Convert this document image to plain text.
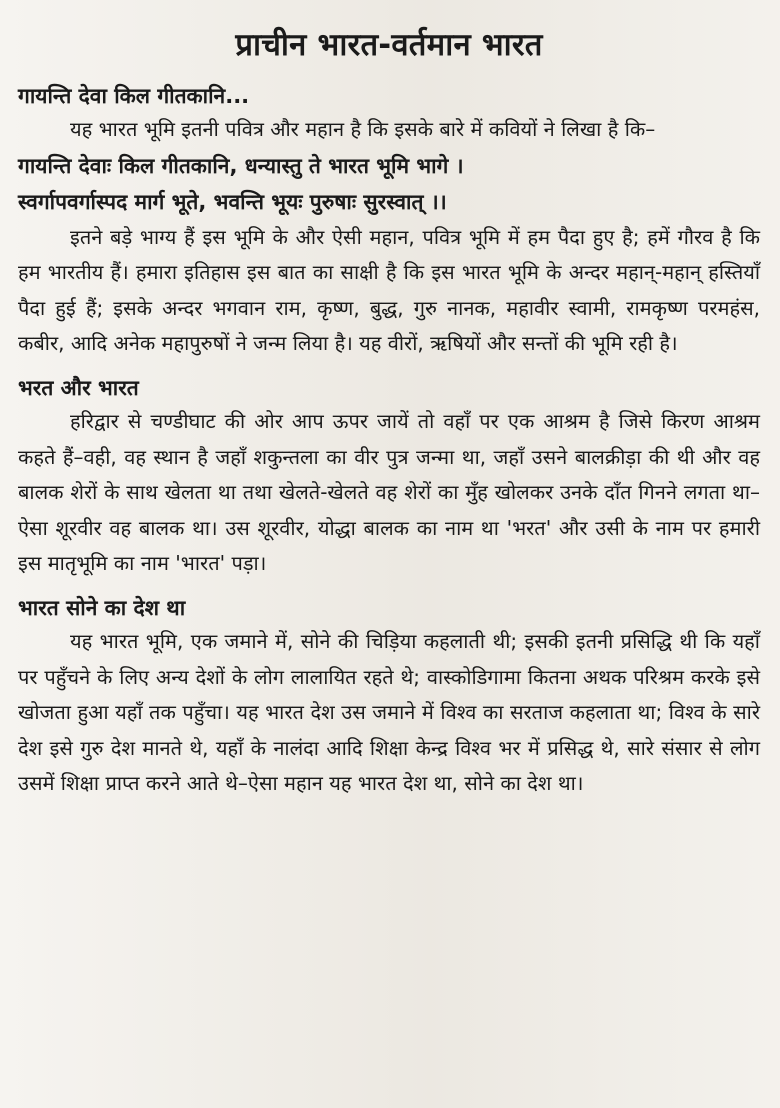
प्राचीन भारत-वर्तमान भारत
गायन्ति देवा किल गीतकानि...

यह भारत भूमि इतनी पवित्र और महान है कि इसके बारे में कवियों ने लिखा है कि–

गायन्ति देवाः किल गीतकानि, धन्यास्तु ते भारत भूमि भागे ।

स्वर्गापवर्गास्पद मार्ग भूते, भवन्ति भूयः पुरुषाः सुरस्वात् ।।

इतने बड़े भाग्य हैं इस भूमि के और ऐसी महान, पवित्र भूमि में हम पैदा हुए है; हमें गौरव है कि हम भारतीय हैं। हमारा इतिहास इस बात का साक्षी है कि इस भारत भूमि के अन्दर महान्-महान् हस्तियाँ पैदा हुई हैं; इसके अन्दर भगवान राम, कृष्ण, बुद्ध, गुरु नानक, महावीर स्वामी, रामकृष्ण परमहंस, कबीर, आदि अनेक महापुरुषों ने जन्म लिया है। यह वीरों, ऋषियों और सन्तों की भूमि रही है।

भरत और भारत

हरिद्वार से चण्डीघाट की ओर आप ऊपर जायें तो वहाँ पर एक आश्रम है जिसे किरण आश्रम कहते हैं–वही, वह स्थान है जहाँ शकुन्तला का वीर पुत्र जन्मा था, जहाँ उसने बालक्रीड़ा की थी और वह बालक शेरों के साथ खेलता था तथा खेलते-खेलते वह शेरों का मुँह खोलकर उनके दाँत गिनने लगता था–ऐसा शूरवीर वह बालक था। उस शूरवीर, योद्धा बालक का नाम था 'भरत' और उसी के नाम पर हमारी इस मातृभूमि का नाम 'भारत' पड़ा।

भारत सोने का देश था

यह भारत भूमि, एक जमाने में, सोने की चिड़िया कहलाती थी; इसकी इतनी प्रसिद्धि थी कि यहाँ पर पहुँचने के लिए अन्य देशों के लोग लालायित रहते थे; वास्कोडिगामा कितना अथक परिश्रम करके इसे खोजता हुआ यहाँ तक पहुँचा। यह भारत देश उस जमाने में विश्व का सरताज कहलाता था; विश्व के सारे देश इसे गुरु देश मानते थे, यहाँ के नालंदा आदि शिक्षा केन्द्र विश्व भर में प्रसिद्ध थे, सारे संसार से लोग उसमें शिक्षा प्राप्त करने आते थे–ऐसा महान यह भारत देश था, सोने का देश था।
